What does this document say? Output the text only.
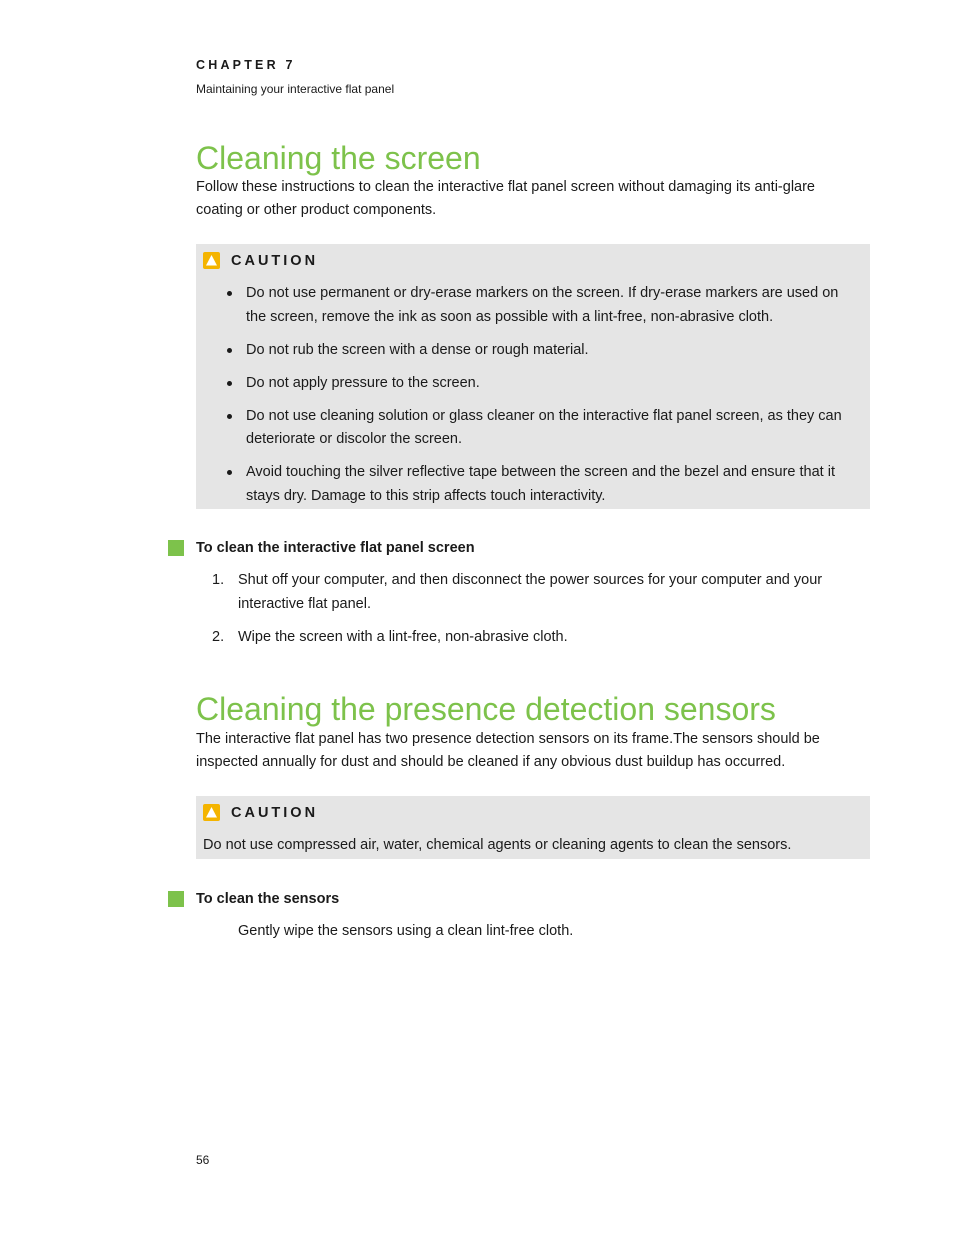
CHAPTER 7
Maintaining your interactive flat panel
Cleaning the screen

Follow these instructions to clean the interactive flat panel screen without damaging its anti-glare coating or other product components.

CAUTION
Do not use permanent or dry-erase markers on the screen. If dry-erase markers are used on the screen, remove the ink as soon as possible with a lint-free, non-abrasive cloth.
Do not rub the screen with a dense or rough material.
Do not apply pressure to the screen.
Do not use cleaning solution or glass cleaner on the interactive flat panel screen, as they can deteriorate or discolor the screen.
Avoid touching the silver reflective tape between the screen and the bezel and ensure that it stays dry. Damage to this strip affects touch interactivity.
To clean the interactive flat panel screen
1. Shut off your computer, and then disconnect the power sources for your computer and your interactive flat panel.
2. Wipe the screen with a lint-free, non-abrasive cloth.
Cleaning the presence detection sensors

The interactive flat panel has two presence detection sensors on its frame.The sensors should be inspected annually for dust and should be cleaned if any obvious dust buildup has occurred.

CAUTION
Do not use compressed air, water, chemical agents or cleaning agents to clean the sensors.
To clean the sensors
Gently wipe the sensors using a clean lint-free cloth.
56
